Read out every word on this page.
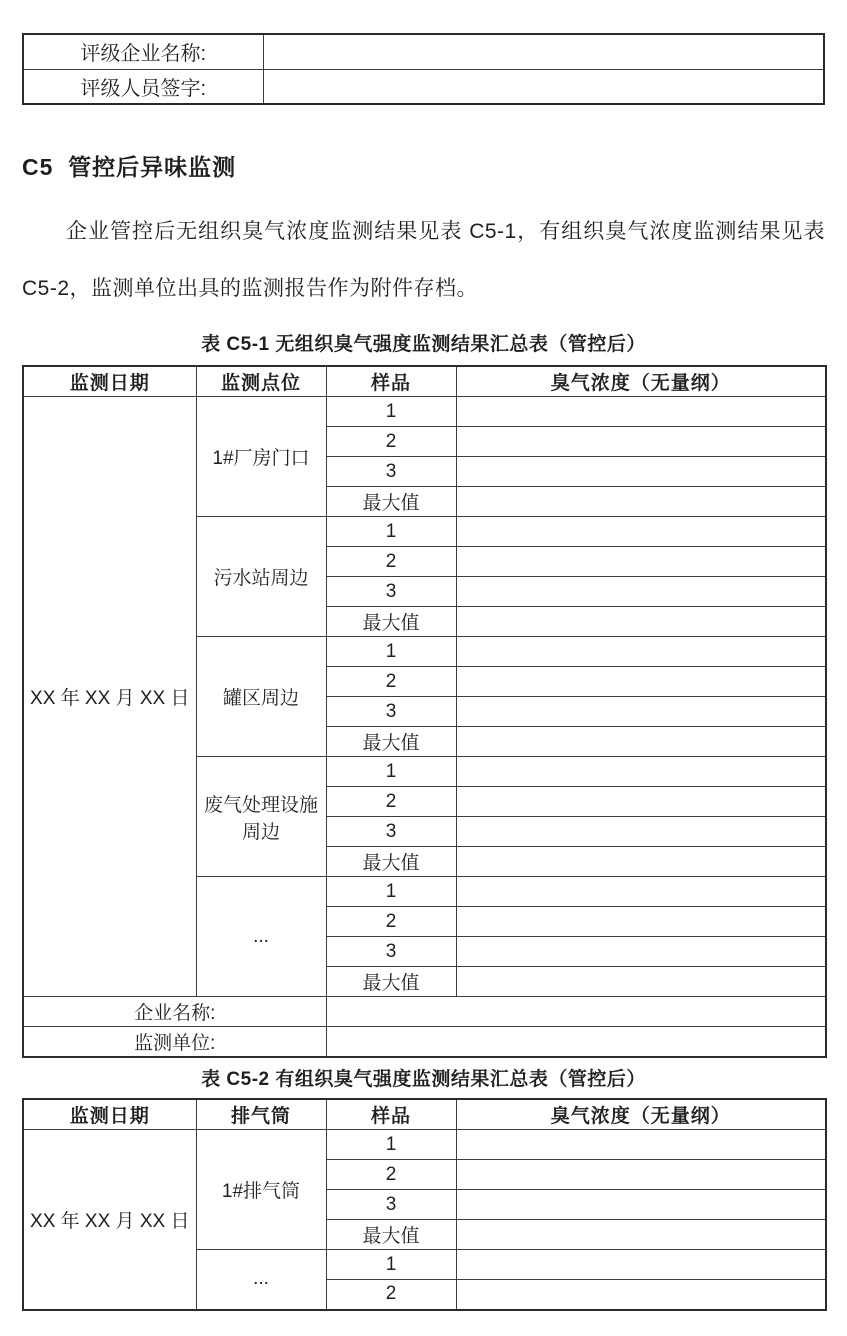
评级企业名称:	
评级人员签字:	
C5  管控后异味监测

企业管控后无组织臭气浓度监测结果见表 C5-1，有组织臭气浓度监测结果见表 C5-2，监测单位出具的监测报告作为附件存档。

表 C5-1 无组织臭气强度监测结果汇总表（管控后）
监测日期	监测点位	样品	臭气浓度（无量纲）
XX 年 XX 月 XX 日	1#厂房门口	1	
		2	
		3	
		最大值	
	污水站周边	1	
		2	
		3	
		最大值	
	罐区周边	1	
		2	
		3	
		最大值	
	废气处理设施周边	1	
		2	
		3	
		最大值	
	...	1	
		2	
		3	
		最大值	
企业名称:			
监测单位:			
表 C5-2 有组织臭气强度监测结果汇总表（管控后）
监测日期	排气筒	样品	臭气浓度（无量纲）
XX 年 XX 月 XX 日	1#排气筒	1	
		2	
		3	
		最大值	
	...	1	
		2	
